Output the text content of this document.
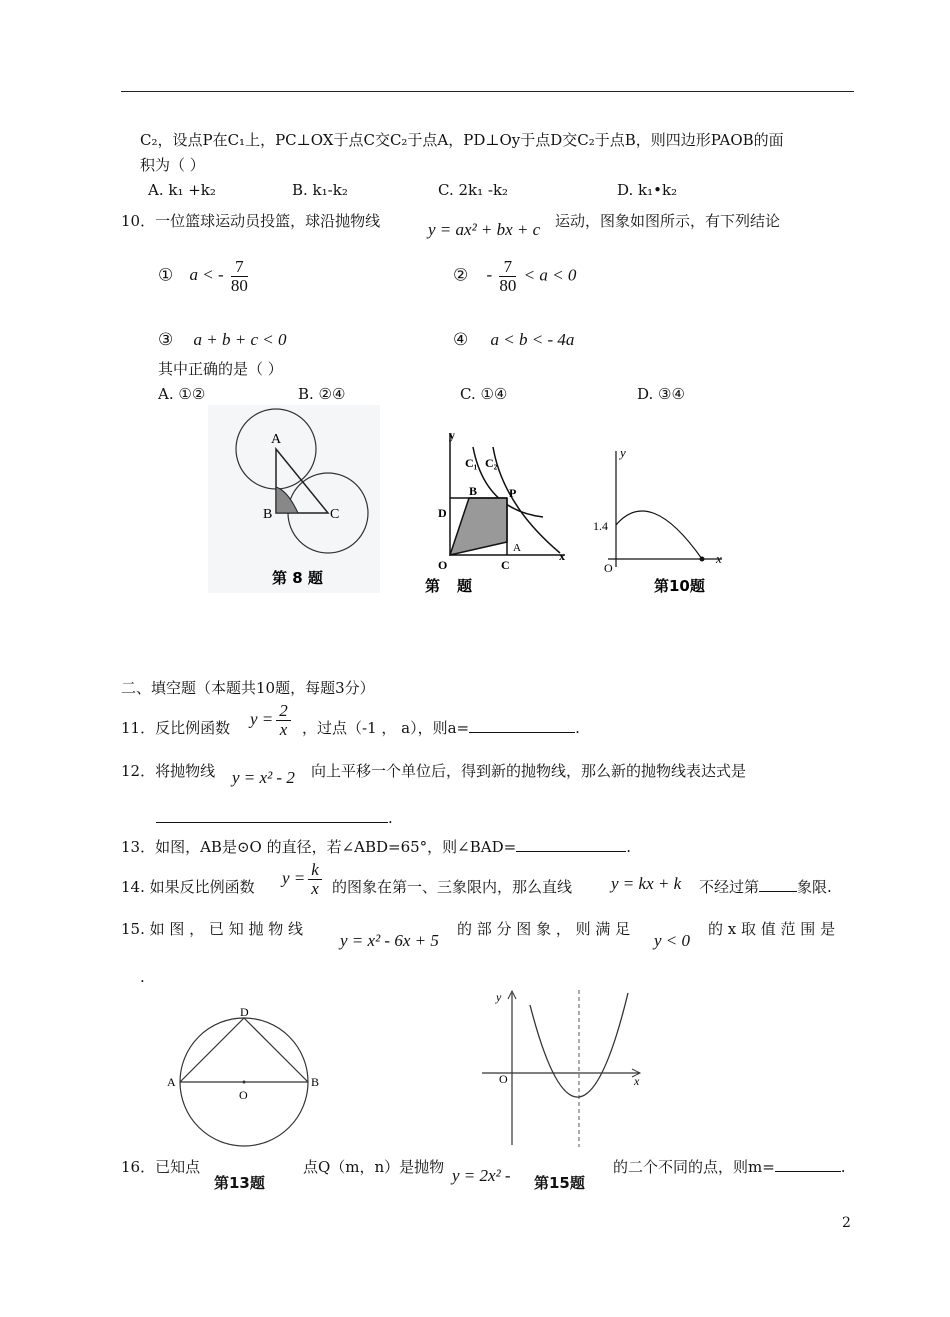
C₂，设点P在C₁上，PC⊥OX于点C交C₂于点A，PD⊥Oy于点D交C₂于点B，则四边形PAOB的面
积为（ ）
A. k₁ +k₂	B. k₁-k₂	C. 2k₁ -k₂	D. k₁•k₂
10．一位篮球运动员投篮，球沿抛物线	y = ax² + bx + c 运动，图象如图所示，有下列结论
① a < - $\frac{7}{80}$	② - $\frac{7}{80} < a < 0$
③ a + b + c < 0	④ a < b < - 4a
其中正确的是（ ）
A. ①②	B. ②④	C. ①④	D. ③④
A
B	C
第 8 题
y
C₁ C₂
B	P
D
O	C
A
x
第 题
y
1.4
O
x
第10题
二、填空题（本题共10题，每题3分）
11．反比例函数 $y = \frac{2}{x}$ ，过点（-1 ， a），则a=	.
12．将抛物线 y = x² - 2 向上平移一个单位后，得到新的抛物线，那么新的抛物线表达式是
.
13．如图，AB是⊙O 的直径，若∠ABD=65°，则∠BAD=	.
14. 如果反比例函数 $y = \frac{k}{x}$ 的图象在第一、三象限内，那么直线 y = kx + k 不经过第	象限.
15. 如 图 ， 已 知 抛 物 线
y = x² - 6x + 5
的 部 分 图 象 ， 则 满 足
y < 0
的 x 取 值 范 围 是
.
D
A
O
B
y
O	x
16．已知点	点Q（m，n）是抛物 y = 2x² -	的二个不同的点，则m=	.
第13题	第15题
2
